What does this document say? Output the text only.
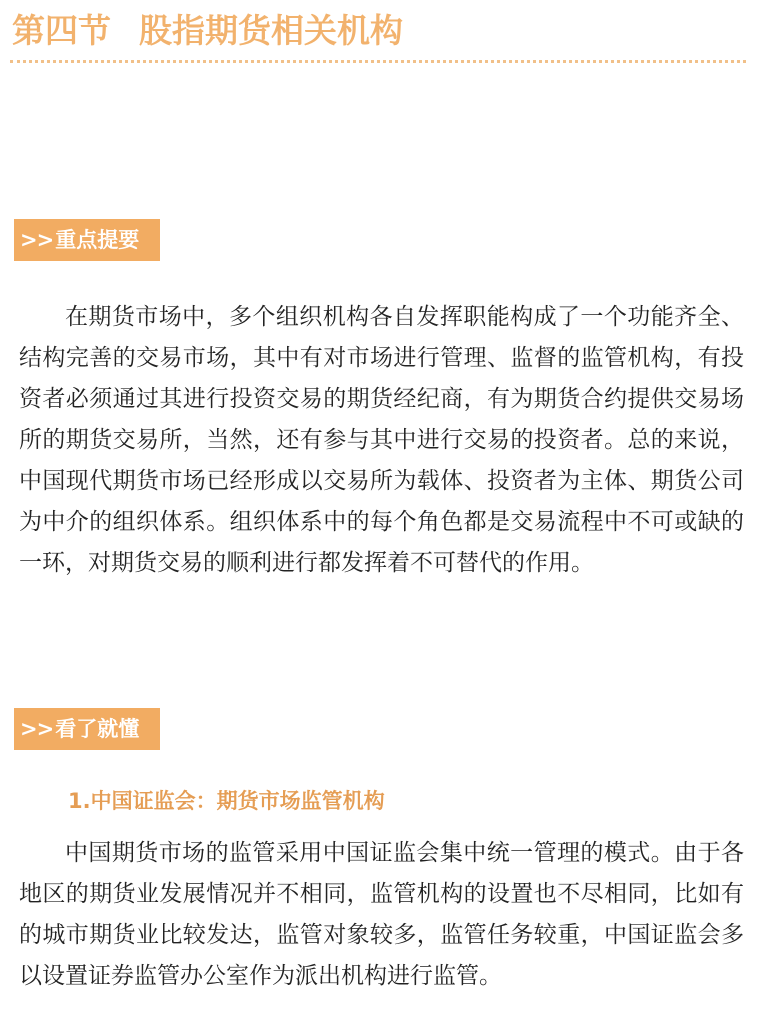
第四节 股指期货相关机构
>>重点提要

在期货市场中，多个组织机构各自发挥职能构成了一个功能齐全、结构完善的交易市场，其中有对市场进行管理、监督的监管机构，有投资者必须通过其进行投资交易的期货经纪商，有为期货合约提供交易场所的期货交易所，当然，还有参与其中进行交易的投资者。总的来说，中国现代期货市场已经形成以交易所为载体、投资者为主体、期货公司为中介的组织体系。组织体系中的每个角色都是交易流程中不可或缺的一环，对期货交易的顺利进行都发挥着不可替代的作用。

>>看了就懂
1.中国证监会：期货市场监管机构

中国期货市场的监管采用中国证监会集中统一管理的模式。由于各地区的期货业发展情况并不相同，监管机构的设置也不尽相同，比如有的城市期货业比较发达，监管对象较多，监管任务较重，中国证监会多以设置证券监管办公室作为派出机构进行监管。
